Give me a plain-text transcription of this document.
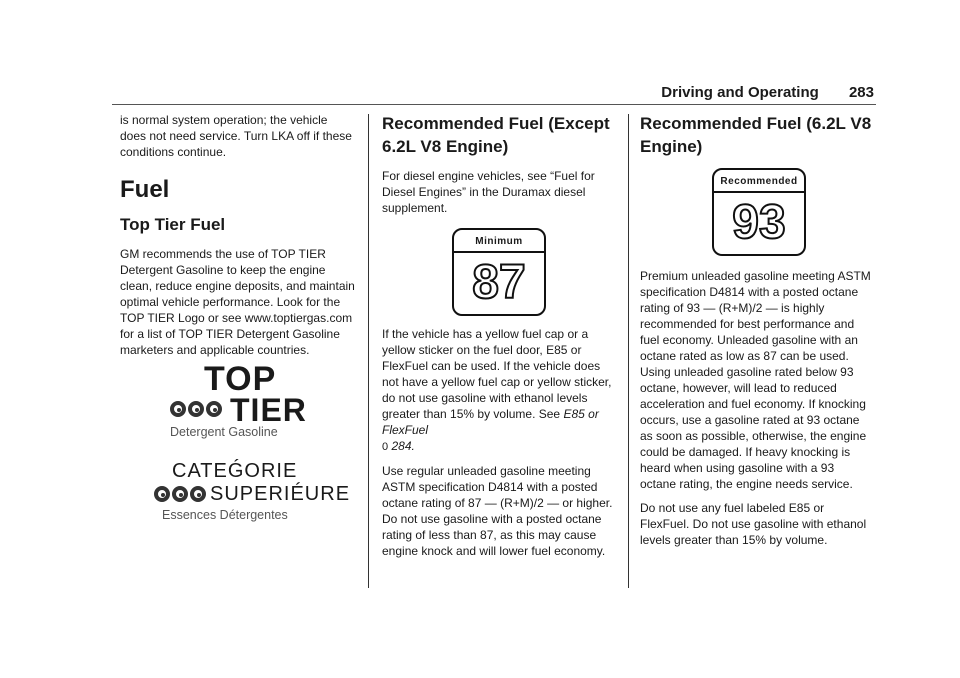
Driving and Operating 283

is normal system operation; the vehicle does not need service. Turn LKA off if these conditions continue.

Fuel
Top Tier Fuel

GM recommends the use of TOP TIER Detergent Gasoline to keep the engine clean, reduce engine deposits, and maintain optimal vehicle performance. Look for the TOP TIER Logo or see www.toptiergas.com for a list of TOP TIER Detergent Gasoline marketers and applicable countries.

TOP
TIER
Detergent Gasoline
CATEǴORIE
SUPERIÉURE
Essences Détergentes
Recommended Fuel (Except 6.2L V8 Engine)

For diesel engine vehicles, see “Fuel for Diesel Engines” in the Duramax diesel supplement.

Minimum
87

If the vehicle has a yellow fuel cap or a yellow sticker on the fuel door, E85 or FlexFuel can be used. If the vehicle does not have a yellow fuel cap or yellow sticker, do not use gasoline with ethanol levels greater than 15% by volume. See E85 or FlexFuel
0 284.

Use regular unleaded gasoline meeting ASTM specification D4814 with a posted octane rating of 87 — (R+M)/2 — or higher. Do not use gasoline with a posted octane rating of less than 87, as this may cause engine knock and will lower fuel economy.

Recommended Fuel (6.2L V8 Engine)
Recommended
93

Premium unleaded gasoline meeting ASTM specification D4814 with a posted octane rating of 93 — (R+M)/2 — is highly recommended for best performance and fuel economy. Unleaded gasoline with an octane rated as low as 87 can be used. Using unleaded gasoline rated below 93 octane, however, will lead to reduced acceleration and fuel economy. If knocking occurs, use a gasoline rated at 93 octane as soon as possible, otherwise, the engine could be damaged. If heavy knocking is heard when using gasoline with a 93 octane rating, the engine needs service.

Do not use any fuel labeled E85 or FlexFuel. Do not use gasoline with ethanol levels greater than 15% by volume.
